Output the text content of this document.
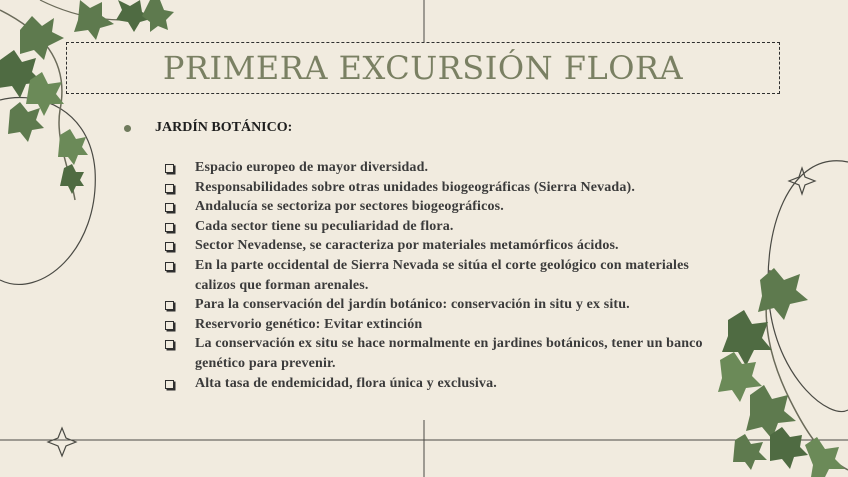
PRIMERA EXCURSIÓN FLORA
JARDÍN BOTÁNICO:
Espacio europeo de mayor diversidad.
Responsabilidades sobre otras unidades biogeográficas (Sierra Nevada).
Andalucía se sectoriza por sectores biogeográficos.
Cada sector tiene su peculiaridad de flora.
Sector Nevadense, se caracteriza por materiales metamórficos ácidos.
En la parte occidental de Sierra Nevada se sitúa el corte geológico con materiales calizos que forman arenales.
Para la conservación del jardín botánico: conservación in situ y ex situ.
Reservorio genético: Evitar extinción
La conservación ex situ se hace normalmente en jardines botánicos, tener un banco genético para prevenir.
Alta tasa de endemicidad, flora única y exclusiva.
